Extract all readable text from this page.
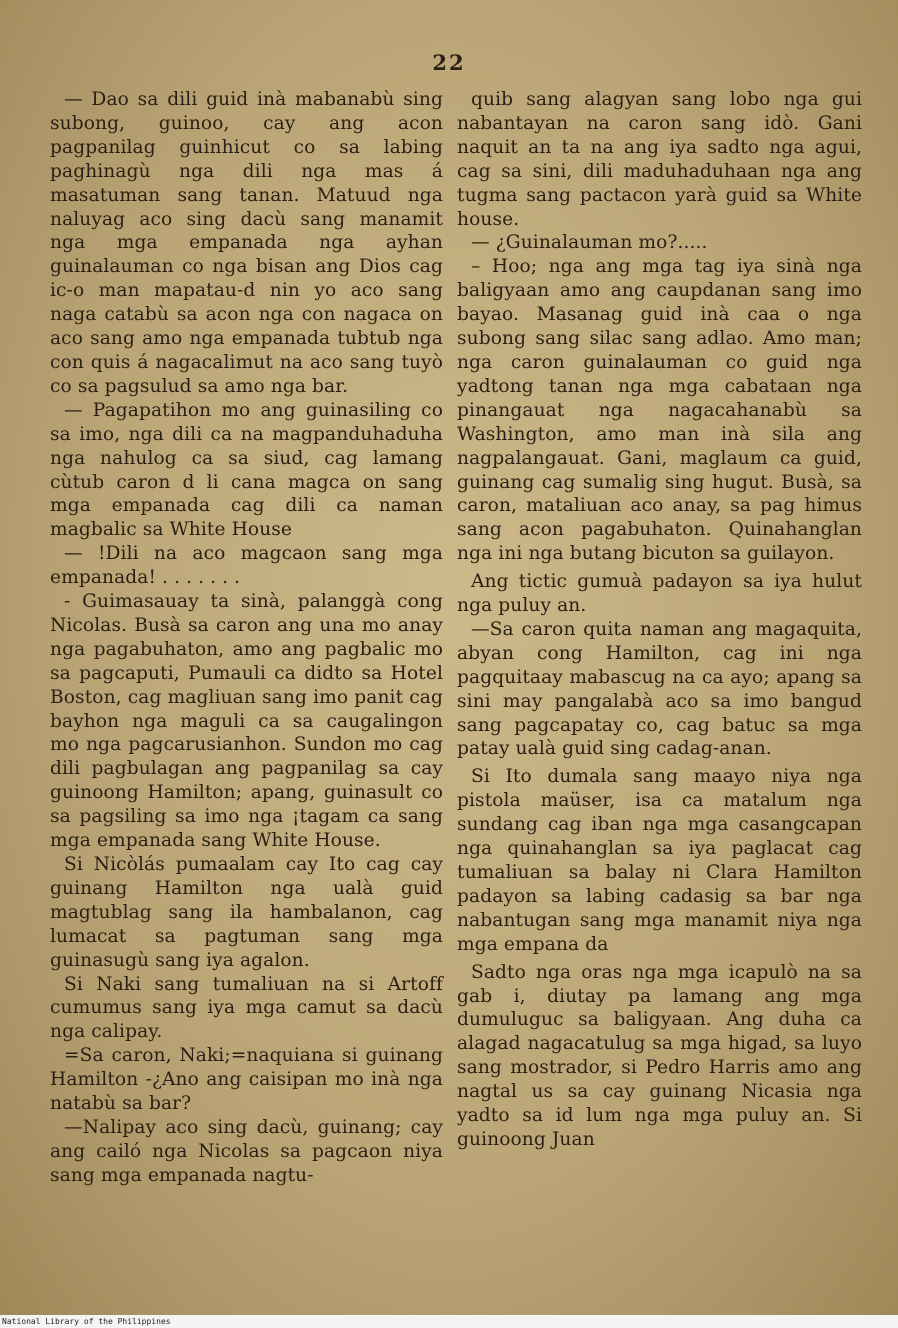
22

— Dao sa dili guid inà mabanabù sing subong, guinoo, cay ang acon pagpanilag guinhicut co sa labing paghinagù nga dili nga mas á masatuman sang tanan. Matuud nga naluyag aco sing dacù sang manamit nga mga empanada nga ayhan guinalauman co nga bisan ang Dios cag ic-o man mapatau-d nin yo aco sang naga catabù sa acon nga con nagaca on aco sang amo nga empanada tubtub nga con quis á nagacalimut na aco sang tuyò co sa pagsulud sa amo nga bar.

— Pagapatihon mo ang guinasiling co sa imo, nga dili ca na magpanduhaduha nga nahulog ca sa siud, cag lamang cùtub caron d li cana magca on sang mga empanada cag dili ca naman magbalic sa White House

— !Dili na aco magcaon sang mga empanada! . . . . . . .

- Guimasauay ta sinà, palanggà cong Nicolas. Busà sa caron ang una mo anay nga pagabuhaton, amo ang pagbalic mo sa pagcaputi, Pumauli ca didto sa Hotel Boston, cag magliuan sang imo panit cag bayhon nga maguli ca sa caugalingon mo nga pagcarusianhon. Sundon mo cag dili pagbulagan ang pagpanilag sa cay guinoong Hamilton; apang, guinasult co sa pagsiling sa imo nga ¡tagam ca sang mga empanada sang White House.

Si Nicòlás pumaalam cay Ito cag cay guinang Hamilton nga ualà guid magtublag sang ila hambalanon, cag lumacat sa pagtuman sang mga guinasugù sang iya agalon.

Si Naki sang tumaliuan na si Artoff cumumus sang iya mga camut sa dacù nga calipay.

=Sa caron, Naki;=naquiana si guinang Hamilton -¿Ano ang caisipan mo inà nga natabù sa bar?

—Nalipay aco sing dacù, guinang; cay ang cailó nga Nicolas sa pagcaon niya sang mga empanada nagtu-

quib sang alagyan sang lobo nga gui nabantayan na caron sang idò. Gani naquit an ta na ang iya sadto nga agui, cag sa sini, dili maduhaduhaan nga ang tugma sang pactacon yarà guid sa White house.

— ¿Guinalauman mo?.....

– Hoo; nga ang mga tag iya sinà nga baligyaan amo ang caupdanan sang imo bayao. Masanag guid inà caa o nga subong sang silac sang adlao. Amo man; nga caron guinalauman co guid nga yadtong tanan nga mga cabataan nga pinangauat nga nagacahanabù sa Washington, amo man inà sila ang nagpalangauat. Gani, maglaum ca guid, guinang cag sumalig sing hugut. Busà, sa caron, mataliuan aco anay, sa pag himus sang acon pagabuhaton. Quinahanglan nga ini nga butang bicuton sa guilayon.

Ang tictic gumuà padayon sa iya hulut nga puluy an.

—Sa caron quita naman ang magaquita, abyan cong Hamilton, cag ini nga pagquitaay mabascug na ca ayo; apang sa sini may pangalabà aco sa imo bangud sang pagcapatay co, cag batuc sa mga patay ualà guid sing cadag-anan.

Si Ito dumala sang maayo niya nga pistola maüser, isa ca matalum nga sundang cag iban nga mga casangcapan nga quinahanglan sa iya paglacat cag tumaliuan sa balay ni Clara Hamilton padayon sa labing cadasig sa bar nga nabantugan sang mga manamit niya nga mga empana da

Sadto nga oras nga mga icapulò na sa gab i, diutay pa lamang ang mga dumuluguc sa baligyaan. Ang duha ca alagad nagacatulug sa mga higad, sa luyo sang mostrador, si Pedro Harris amo ang nagtal us sa cay guinang Nicasia nga yadto sa id lum nga mga puluy an. Si guinoong Juan

National Library of the Philippines
